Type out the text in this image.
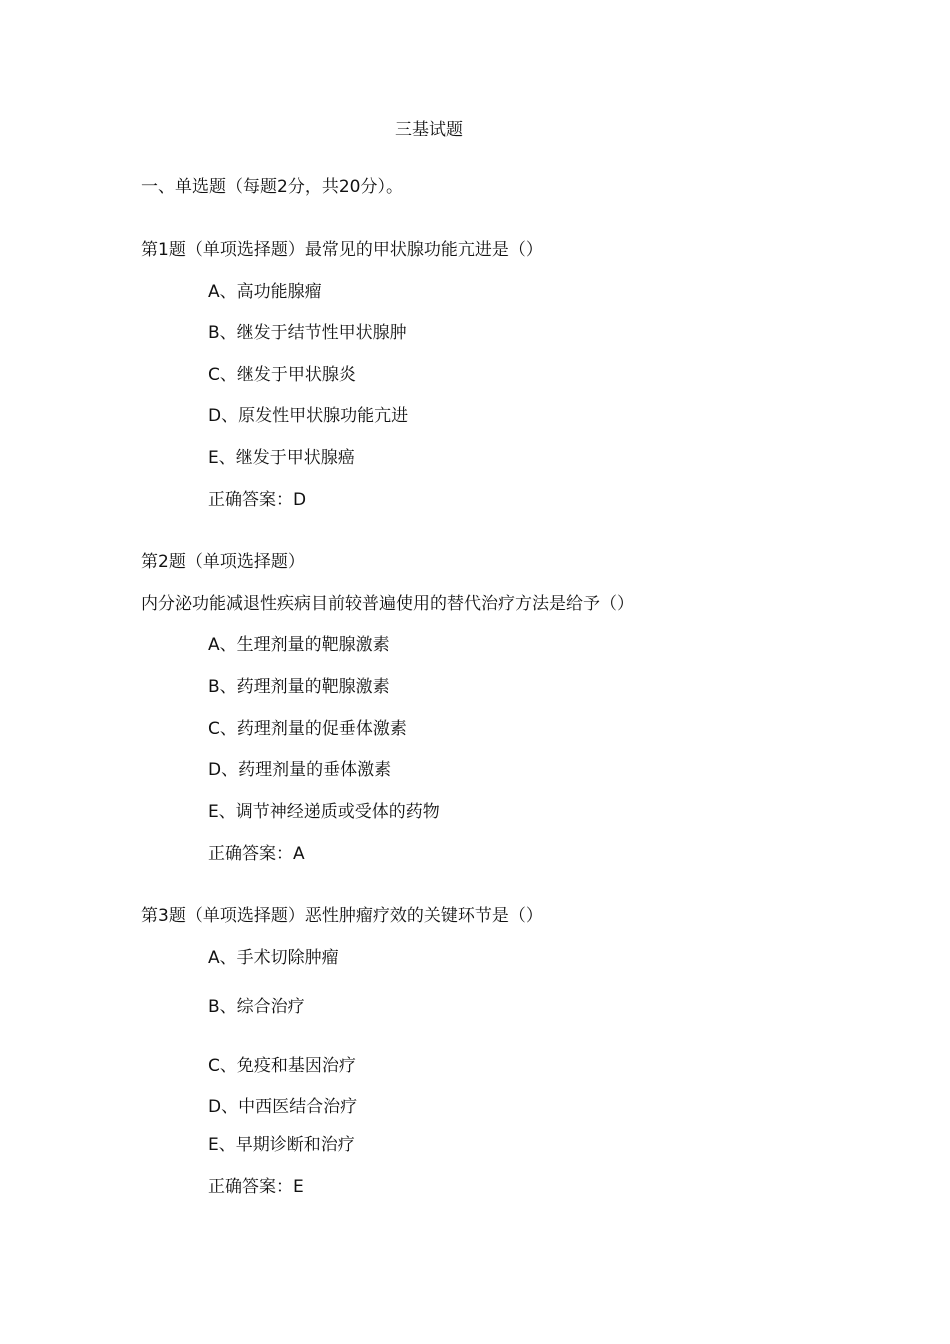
三基试题
一、单选题（每题2分，共20分）。
第1题（单项选择题）最常见的甲状腺功能亢进是（）
A、高功能腺瘤
B、继发于结节性甲状腺肿
C、继发于甲状腺炎
D、原发性甲状腺功能亢进
E、继发于甲状腺癌
正确答案：D
第2题（单项选择题）
内分泌功能减退性疾病目前较普遍使用的替代治疗方法是给予（）
A、生理剂量的靶腺激素
B、药理剂量的靶腺激素
C、药理剂量的促垂体激素
D、药理剂量的垂体激素
E、调节神经递质或受体的药物
正确答案：A
第3题（单项选择题）恶性肿瘤疗效的关键环节是（）
A、手术切除肿瘤
B、综合治疗
C、免疫和基因治疗
D、中西医结合治疗
E、早期诊断和治疗
正确答案：E
